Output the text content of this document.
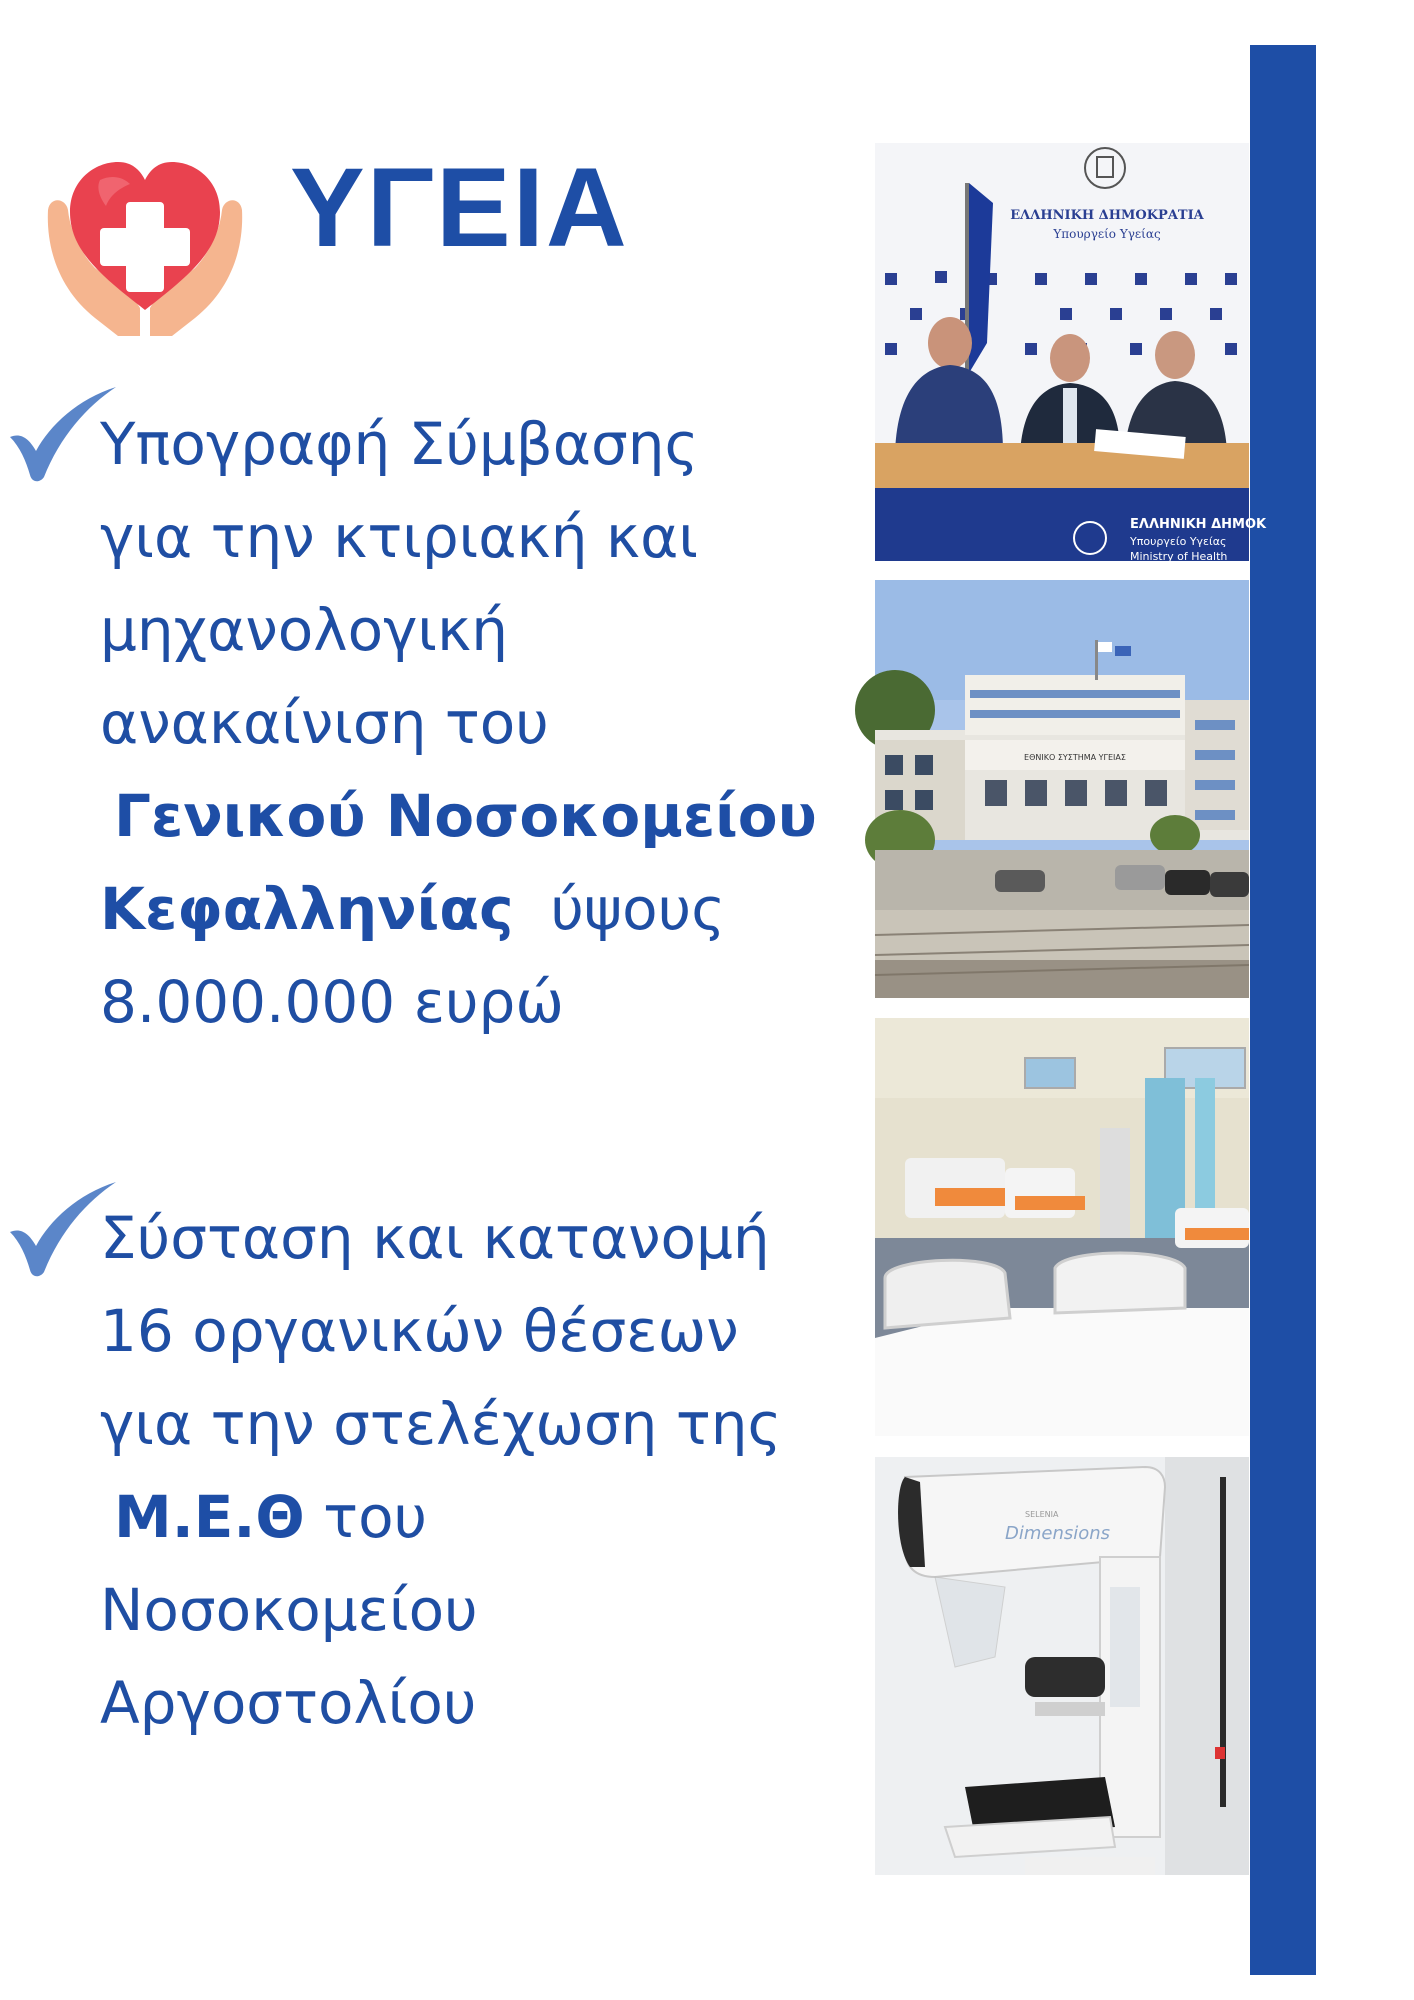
ΥΓΕΙΑ
Υπογραφή Σύμβασης
για την κτιριακή και
μηχανολογική
ανακαίνιση του
Γενικού Νοσοκομείου
Κεφαλληνίας ύψους
8.000.000 ευρώ
Σύσταση και κατανομή
16 οργανικών θέσεων
για την στελέχωση της
Μ.Ε.Θ του
Νοσοκομείου
Αργοστολίου
ΕΛΛΗΝΙΚΗ ΔΗΜΟΚΡΑΤΙΑ
Υπουργείο Υγείας
ΕΛΛΗΝΙΚΗ ΔΗΜΟΚ
Υπουργείο Υγείας
Ministry of Health
ΕΘΝΙΚΟ ΣΥΣΤΗΜΑ ΥΓΕΙΑΣ
SELENIA
Dimensions
